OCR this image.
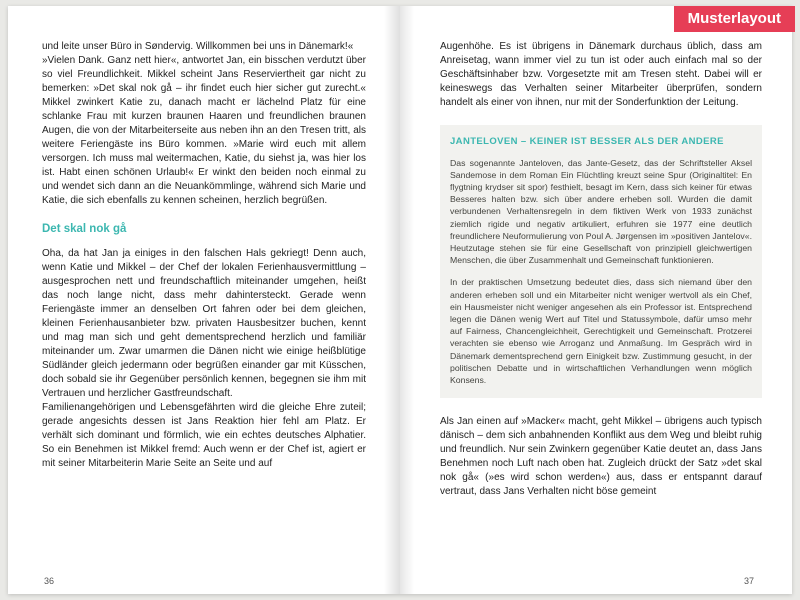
und leite unser Büro in Søndervig. Willkommen bei uns in Dänemark!«

»Vielen Dank. Ganz nett hier«, antwortet Jan, ein bisschen verdutzt über so viel Freundlichkeit. Mikkel scheint Jans Reserviertheit gar nicht zu bemerken: »Det skal nok gå – ihr findet euch hier sicher gut zurecht.« Mikkel zwinkert Katie zu, danach macht er lächelnd Platz für eine schlanke Frau mit kurzen braunen Haaren und freundlichen braunen Augen, die von der Mitarbeiterseite aus neben ihn an den Tresen tritt, als weitere Feriengäste ins Büro kommen. »Marie wird euch mit allem versorgen. Ich muss mal weitermachen, Katie, du siehst ja, was hier los ist. Habt einen schönen Urlaub!« Er winkt den beiden noch einmal zu und wendet sich dann an die Neuankömmlinge, während sich Marie und Katie, die sich ebenfalls zu kennen scheinen, herzlich begrüßen.

Det skal nok gå

Oha, da hat Jan ja einiges in den falschen Hals gekriegt! Denn auch, wenn Katie und Mikkel – der Chef der lokalen Ferienhausvermittlung – ausgesprochen nett und freundschaftlich miteinander umgehen, heißt das noch lange nicht, dass mehr dahintersteckt. Gerade wenn Feriengäste immer an denselben Ort fahren oder bei dem gleichen, kleinen Ferienhausanbieter bzw. privaten Hausbesitzer buchen, kennt und mag man sich und geht dementsprechend herzlich und familiär miteinander um. Zwar umarmen die Dänen nicht wie einige heißblütige Südländer gleich jedermann oder begrüßen einander gar mit Küsschen, doch sobald sie ihr Gegenüber persönlich kennen, begegnen sie ihm mit Vertrauen und herzlicher Gastfreundschaft.

Familienangehörigen und Lebensgefährten wird die gleiche Ehre zuteil; gerade angesichts dessen ist Jans Reaktion hier fehl am Platz. Er verhält sich dominant und förmlich, wie ein echtes deutsches Alphatier. So ein Benehmen ist Mikkel fremd: Auch wenn er der Chef ist, agiert er mit seiner Mitarbeiterin Marie Seite an Seite und auf

36

Augenhöhe. Es ist übrigens in Dänemark durchaus üblich, dass am Anreisetag, wann immer viel zu tun ist oder auch einfach mal so der Geschäftsinhaber bzw. Vorgesetzte mit am Tresen steht. Dabei will er keineswegs das Verhalten seiner Mitarbeiter überprüfen, sondern handelt als einer von ihnen, nur mit der Sonderfunktion der Leitung.

JANTELOVEN – KEINER IST BESSER ALS DER ANDERE

Das sogenannte Janteloven, das Jante-Gesetz, das der Schriftsteller Aksel Sandemose in dem Roman Ein Flüchtling kreuzt seine Spur (Originaltitel: En flygtning krydser sit spor) festhielt, besagt im Kern, dass sich keiner für etwas Besseres halten bzw. sich über andere erheben soll. Wurden die damit verbundenen Verhaltensregeln in dem fiktiven Werk von 1933 zunächst ziemlich rigide und negativ artikuliert, erfuhren sie 1977 eine deutlich freundlichere Neuformulierung von Poul A. Jørgensen im »positiven Jantelov«. Heutzutage stehen sie für eine Gesellschaft von prinzipiell gleichwertigen Menschen, die über Zusammenhalt und Gemeinschaft funktionieren.

In der praktischen Umsetzung bedeutet dies, dass sich niemand über den anderen erheben soll und ein Mitarbeiter nicht weniger wertvoll als ein Chef, ein Hausmeister nicht weniger angesehen als ein Professor ist. Entsprechend legen die Dänen wenig Wert auf Titel und Statussymbole, dafür umso mehr auf Fairness, Chancengleichheit, Gerechtigkeit und Gemeinschaft. Protzerei verachten sie ebenso wie Arroganz und Anmaßung. Im Gespräch wird in Dänemark dementsprechend gern Einigkeit bzw. Zustimmung gesucht, in der politischen Debatte und in wirtschaftlichen Verhandlungen wenn möglich Konsens.

Als Jan einen auf »Macker« macht, geht Mikkel – übrigens auch typisch dänisch – dem sich anbahnenden Konflikt aus dem Weg und bleibt ruhig und freundlich. Nur sein Zwinkern gegenüber Katie deutet an, dass Jans Benehmen noch Luft nach oben hat. Zugleich drückt der Satz »det skal nok gå« (»es wird schon werden«) aus, dass er entspannt darauf vertraut, dass Jans Verhalten nicht böse gemeint

37
Musterlayout
